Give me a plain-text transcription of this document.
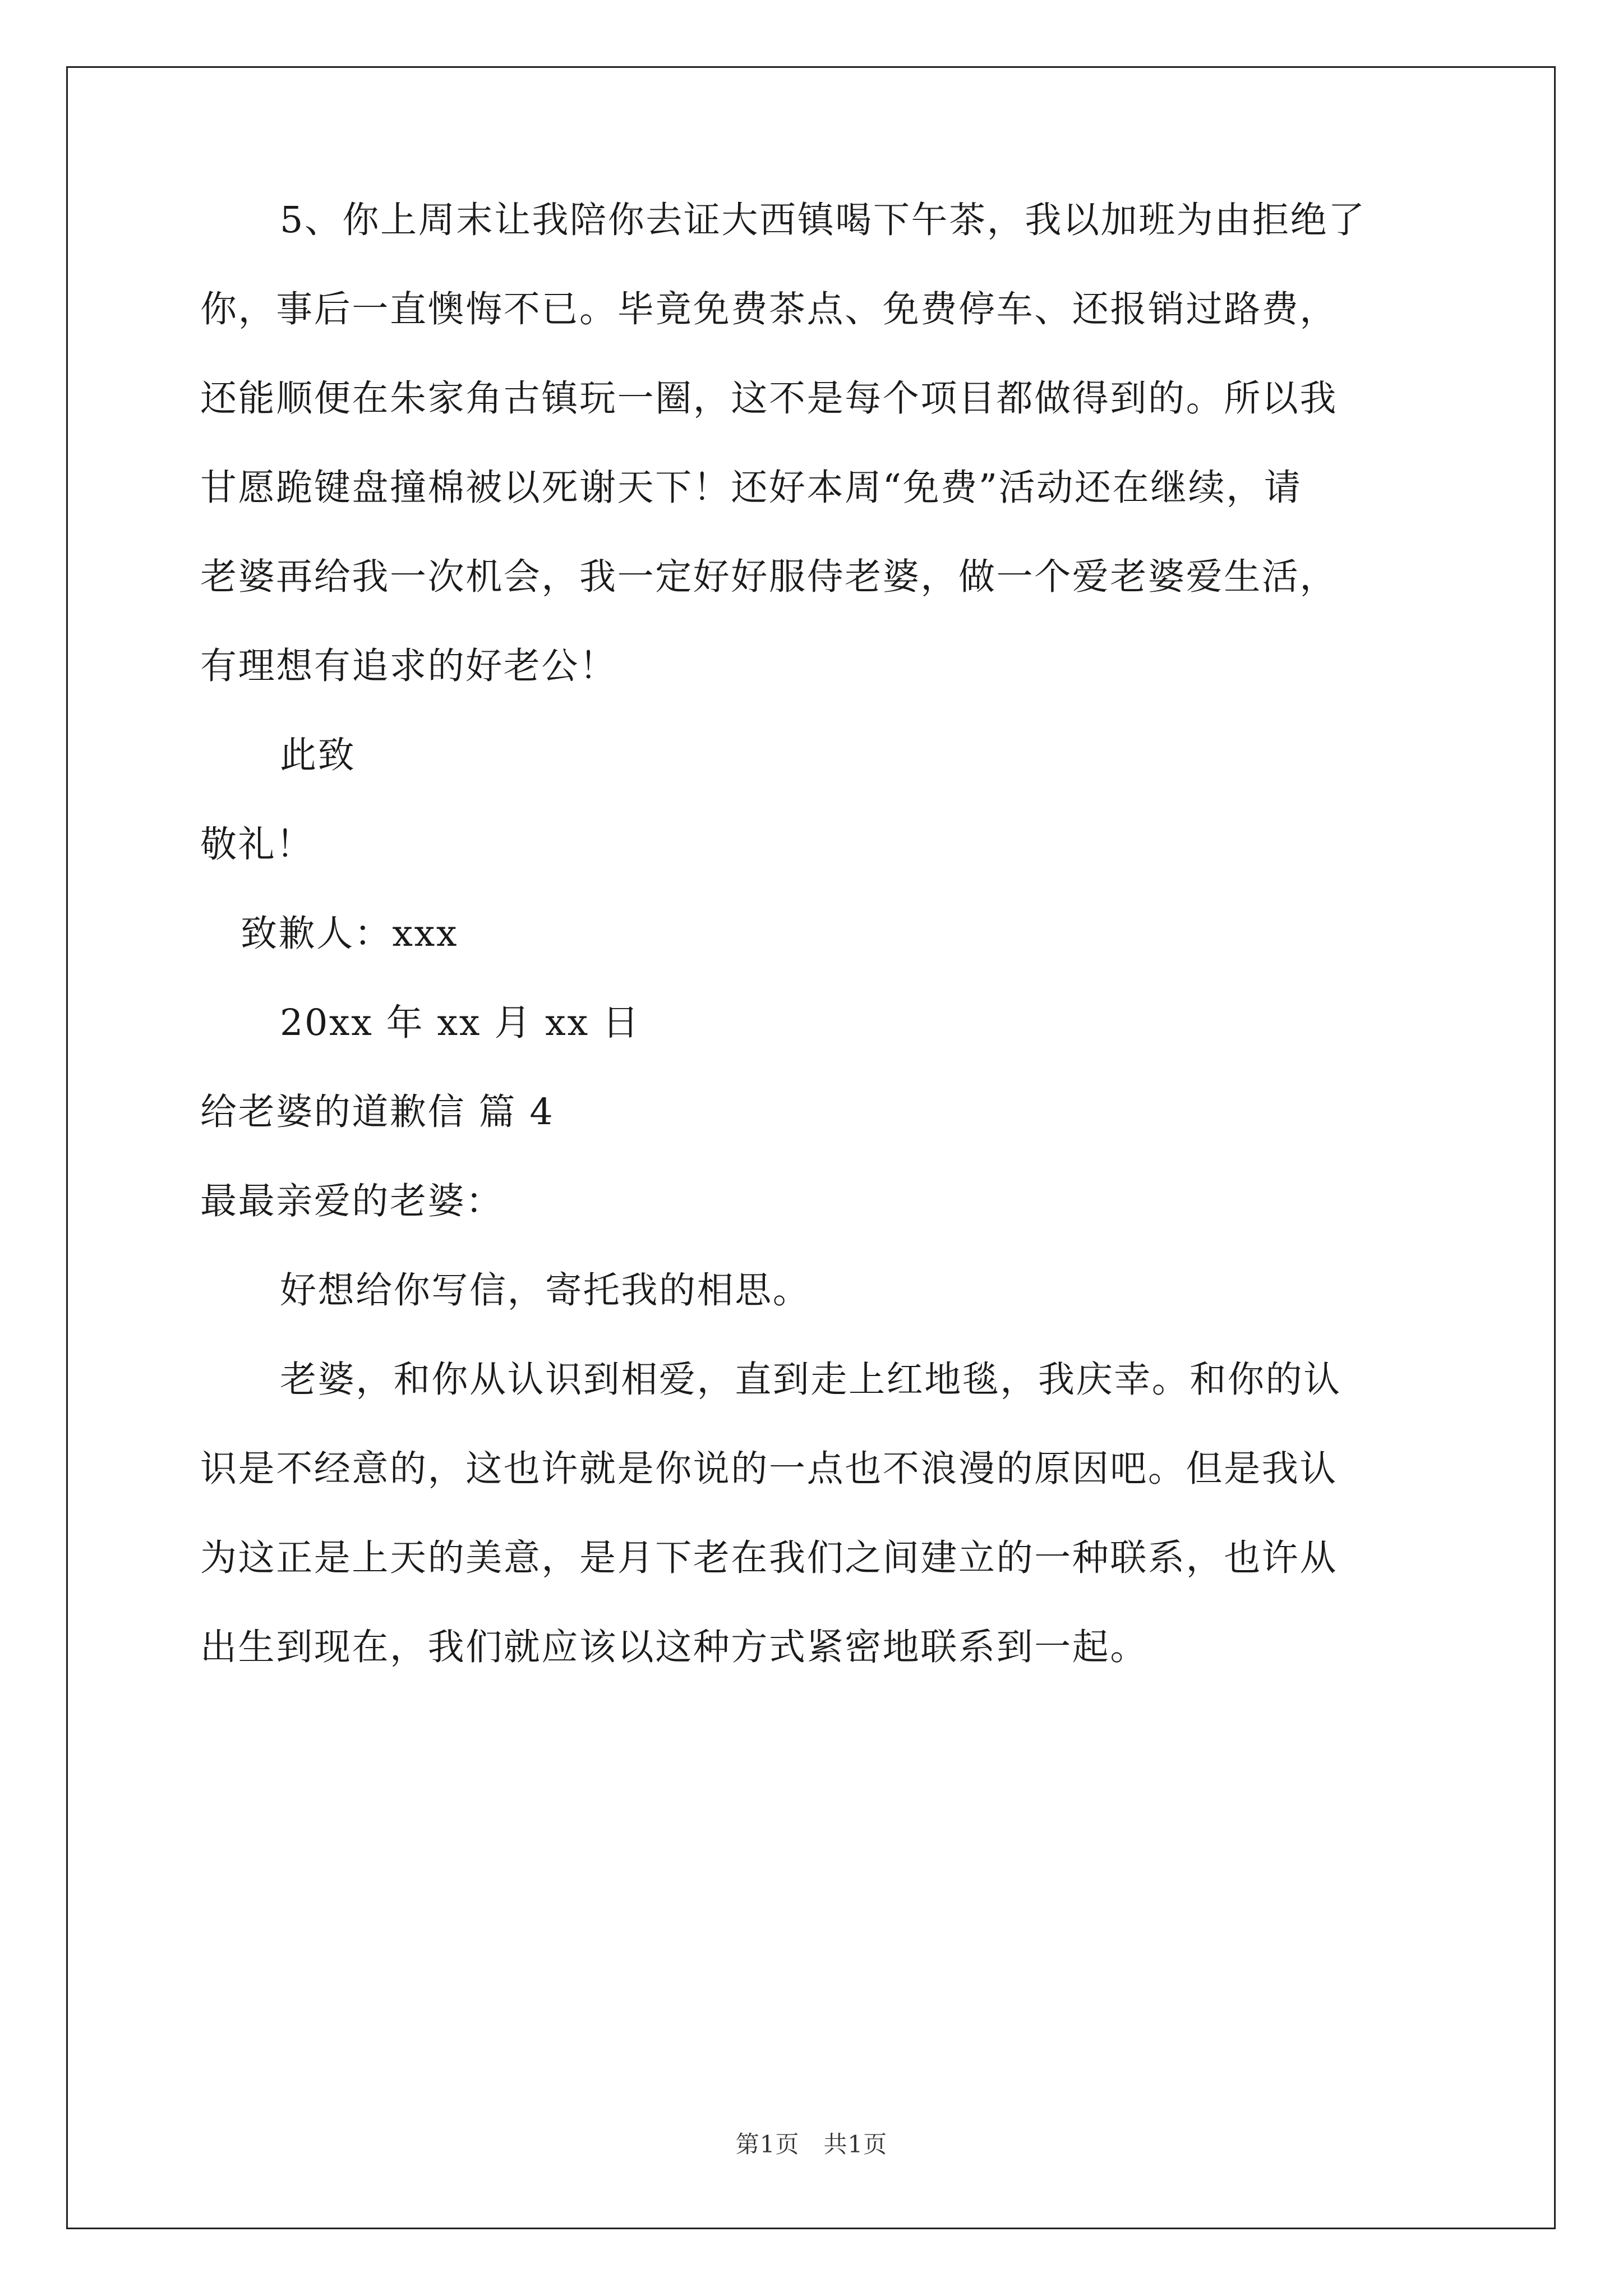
5、你上周末让我陪你去证大西镇喝下午茶，我以加班为由拒绝了
你，事后一直懊悔不已。毕竟免费茶点、免费停车、还报销过路费，
还能顺便在朱家角古镇玩一圈，这不是每个项目都做得到的。所以我
甘愿跪键盘撞棉被以死谢天下！还好本周“免费”活动还在继续，请
老婆再给我一次机会，我一定好好服侍老婆，做一个爱老婆爱生活，
有理想有追求的好老公！
此致
敬礼！
致歉人：xxx
20xx 年 xx 月 xx 日
给老婆的道歉信 篇 4
最最亲爱的老婆：
好想给你写信，寄托我的相思。
老婆，和你从认识到相爱，直到走上红地毯，我庆幸。和你的认
识是不经意的，这也许就是你说的一点也不浪漫的原因吧。但是我认
为这正是上天的美意，是月下老在我们之间建立的一种联系，也许从
出生到现在，我们就应该以这种方式紧密地联系到一起。
第1页　共1页
